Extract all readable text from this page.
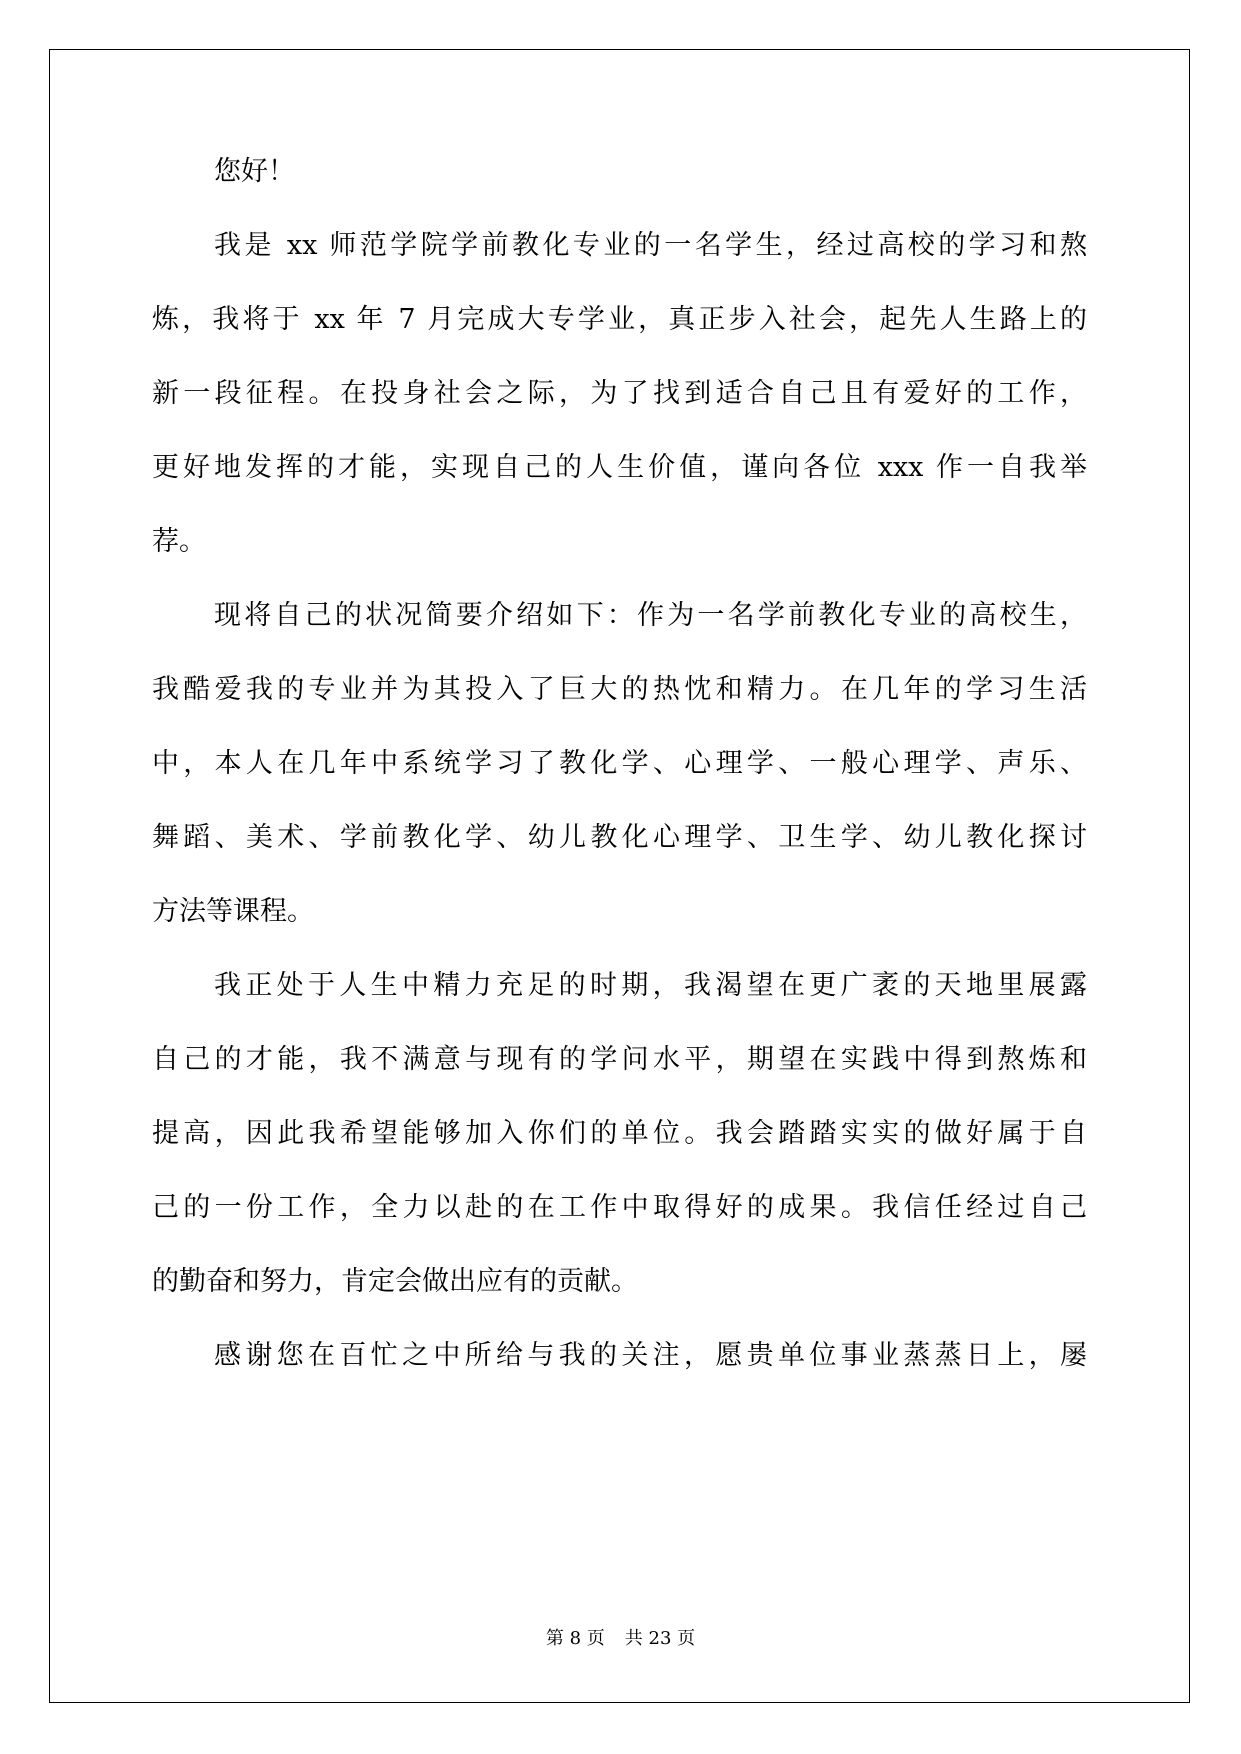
您好！
我是 xx 师范学院学前教化专业的一名学生，经过高校的学习和熬
炼，我将于 xx 年 7 月完成大专学业，真正步入社会，起先人生路上的
新一段征程。在投身社会之际，为了找到适合自己且有爱好的工作，
更好地发挥的才能，实现自己的人生价值，谨向各位 xxx 作一自我举
荐。
现将自己的状况简要介绍如下：作为一名学前教化专业的高校生，
我酷爱我的专业并为其投入了巨大的热忱和精力。在几年的学习生活
中，本人在几年中系统学习了教化学、心理学、一般心理学、声乐、
舞蹈、美术、学前教化学、幼儿教化心理学、卫生学、幼儿教化探讨
方法等课程。
我正处于人生中精力充足的时期，我渴望在更广袤的天地里展露
自己的才能，我不满意与现有的学问水平，期望在实践中得到熬炼和
提高，因此我希望能够加入你们的单位。我会踏踏实实的做好属于自
己的一份工作，全力以赴的在工作中取得好的成果。我信任经过自己
的勤奋和努力，肯定会做出应有的贡献。
感谢您在百忙之中所给与我的关注，愿贵单位事业蒸蒸日上，屡
第 8 页 共 23 页
